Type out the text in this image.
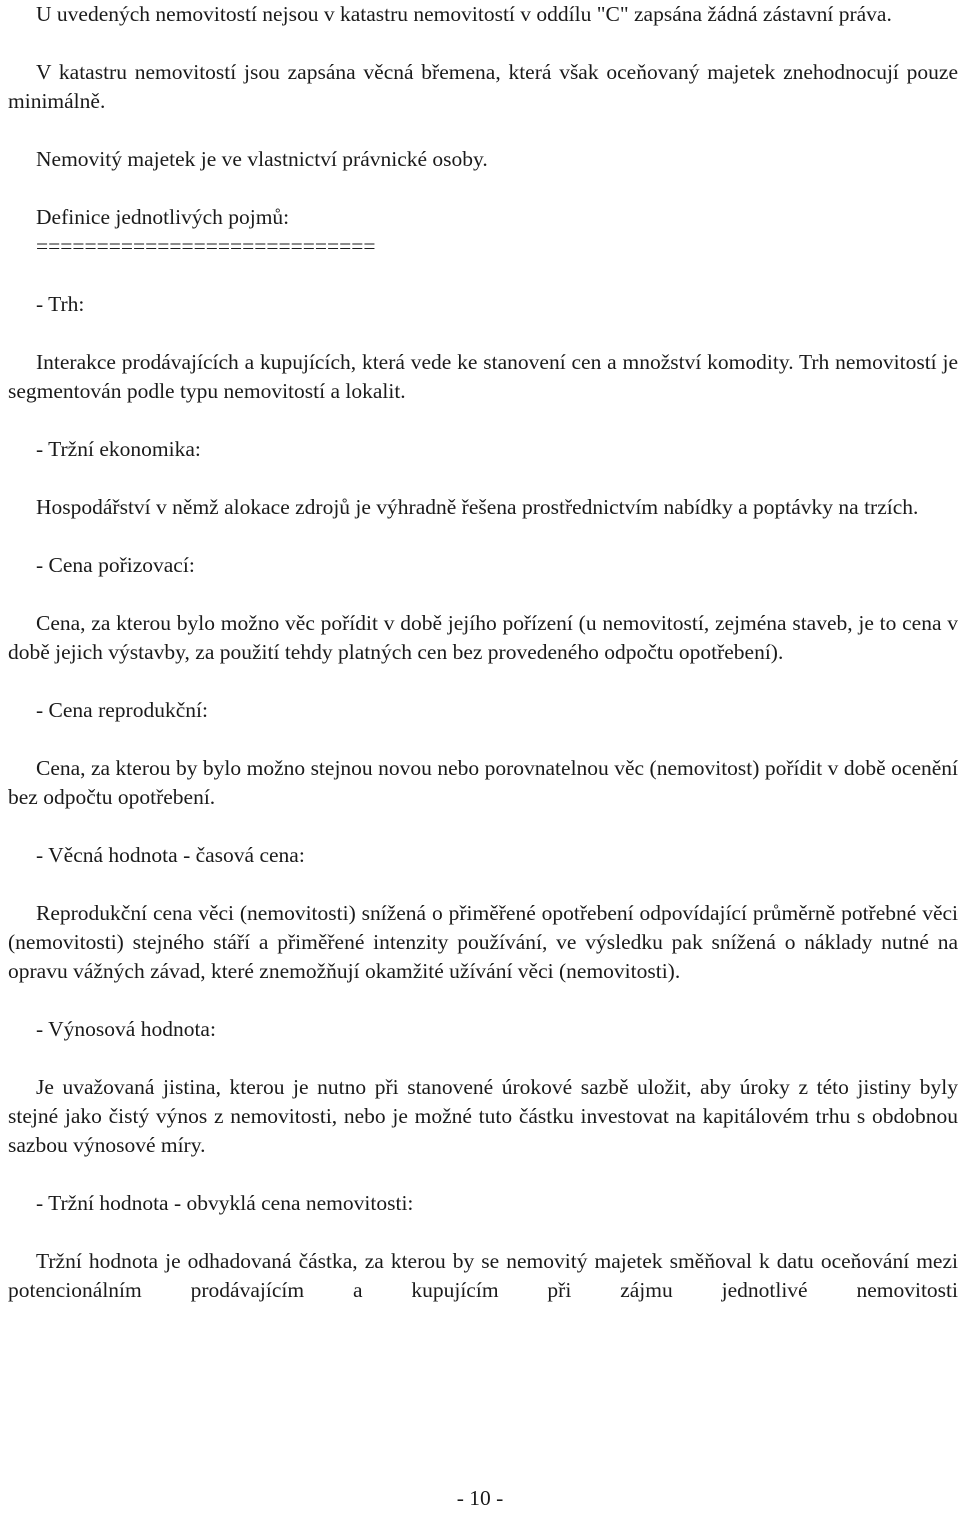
U uvedených nemovitostí nejsou v katastru nemovitostí v oddílu "C" zapsána žádná zástavní práva.

V katastru nemovitostí jsou zapsána věcná břemena, která však oceňovaný majetek znehodnocují pouze minimálně.

Nemovitý majetek je ve vlastnictví právnické osoby.

Definice jednotlivých pojmů:

============================

- Trh:

Interakce prodávajících a kupujících, která vede ke stanovení cen a množství komodity. Trh nemovitostí je segmentován podle typu nemovitostí a lokalit.

- Tržní ekonomika:

Hospodářství v němž alokace zdrojů je výhradně řešena prostřednictvím nabídky a poptávky na trzích.

- Cena pořizovací:

Cena, za kterou bylo možno věc pořídit v době jejího pořízení (u nemovitostí, zejména staveb, je to cena v době jejich výstavby, za použití tehdy platných cen bez provedeného odpočtu opotřebení).

- Cena reprodukční:

Cena, za kterou by bylo možno stejnou novou nebo porovnatelnou věc (nemovitost) pořídit v době ocenění bez odpočtu opotřebení.

- Věcná hodnota - časová cena:

Reprodukční cena věci (nemovitosti) snížená o přiměřené opotřebení odpovídající průměrně potřebné věci (nemovitosti) stejného stáří a přiměřené intenzity používání, ve výsledku pak snížená o náklady nutné na opravu vážných závad, které znemožňují okamžité užívání věci (nemovitosti).

- Výnosová hodnota:

Je uvažovaná jistina, kterou je nutno při stanovené úrokové sazbě uložit, aby úroky z této jistiny byly stejné jako čistý výnos z nemovitosti, nebo je možné tuto částku investovat na kapitálovém trhu s obdobnou sazbou výnosové míry.

- Tržní hodnota - obvyklá cena nemovitosti:

Tržní hodnota je odhadovaná částka, za kterou by se nemovitý majetek směňoval k datu oceňování mezi potencionálním prodávajícím a kupujícím při zájmu jednotlivé nemovitosti

- 10 -
